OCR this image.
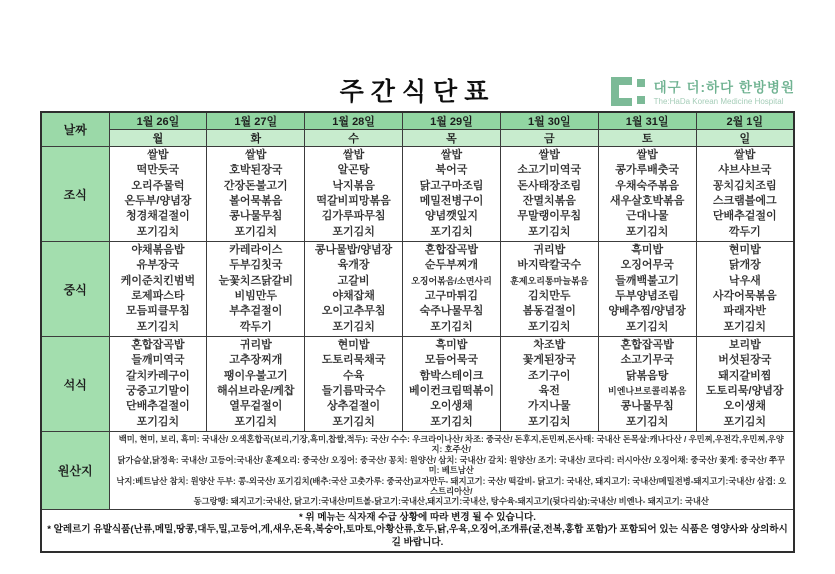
주간식단표	대구 더:하다 한방병원
The:HaDa Korean Medicine Hospital
날짜	1월 26일	1월 27일	1월 28일	1월 29일	1월 30일	1월 31일	2월 1일
	월	화	수	목	금	토	일
조식	
쌀밥
떡만둣국
오리주물럭
온두부/양념장
청경채겉절이
포기김치

쌀밥
호박된장국
간장돈불고기
볼어묵볶음
콩나물무침
포기김치

쌀밥
알곤탕
낙지볶음
떡갈비피망볶음
김가루파무침
포기김치

쌀밥
북어국
닭고구마조림
메밀전병구이
양념깻잎지
포기김치

쌀밥
소고기미역국
돈사태장조림
잔멸치볶음
무말랭이무침
포기김치

쌀밥
콩가루배춧국
우채숙주볶음
새우살호박볶음
근대나물
포기김치

쌀밥
샤브샤브국
꽁치김치조림
스크램블에그
단배추겉절이
깍두기

중식	
야채볶음밥
유부장국
케이준치킨범벅
로제파스타
모듬피클무침
포기김치

카레라이스
두부김칫국
눈꽃치즈닭갈비
비빔만두
부추겉절이
깍두기

콩나물밥/양념장
육개장
고갈비
야채잡채
오이고추무침
포기김치

혼합잡곡밥
순두부찌개
오징어볶음/소면사리
고구마튀김
숙주나물무침
포기김치

귀리밥
바지락칼국수
훈제오리통마늘볶음
김치만두
봄동겉절이
포기김치

흑미밥
오징어무국
들깨백불고기
두부양념조림
양배추찜/양념장
포기김치

현미밥
닭개장
낙우새
사각어묵볶음
파래자반
포기김치

석식	
혼합잡곡밥
들깨미역국
갈치카레구이
궁중고기말이
단배추겉절이
포기김치

귀리밥
고추장찌개
팽이우불고기
해쉬브라운/케찹
열무겉절이
포기김치

현미밥
도토리묵채국
수육
들기름막국수
상추겉절이
포기김치

흑미밥
모듬어묵국
함박스테이크
베이컨크림떡볶이
오이생채
포기김치

차조밥
꽃게된장국
조기구이
육전
가지나물
포기김치

혼합잡곡밥
소고기무국
닭볶음탕
비엔나브로콜리볶음
콩나물무침
포기김치

보리밥
버섯된장국
돼지갈비찜
도토리묵/양념장
오이생채
포기김치

원산지	백미, 현미, 보리, 흑미: 국내산/ 오색혼합곡(보리,기장,흑미,찹쌀,적두): 국산/ 수수: 우크라이나산/ 차조: 중국산/ 돈후지,돈민찌,돈사태: 국내산 돈목살:캐나다산 / 우민찌,우전각,우민찌,우양지: 호주산/
닭가슴살,닭정육: 국내산/ 고등어:국내산/ 훈제오리: 중국산/ 오징어: 중국산/ 꽁치: 원양산/ 삼치: 국내산/ 갈치: 원양산/ 조기: 국내산/ 코다리: 러시아산/ 오징어채: 중국산/ 꽃게: 중국산/ 쭈꾸미: 베트남산
낙지:베트남산 참치: 원양산 두부: 콩-외국산/ 포기김치(배추:국산 고춧가루: 중국산)교자만두- 돼지고기: 국산/ 떡갈비- 닭고기: 국내산, 돼지고기: 국내산/메밀전병-돼지고기:국내산/ 삼겹: 오스트리아산/
동그랑땡: 돼지고기:국내산, 닭고기:국내산/미트볼-닭고기:국내산,돼지고기:국내산, 탕수육-돼지고기(뒷다리살):국내산/ 비엔나- 돼지고기: 국내산						

* 위 메뉴는 식자재 수급 상황에 따라 변경 될 수 있습니다.
* 알레르기 유발식품(난류,메밀,땅콩,대두,밀,고등어,게,새우,돈육,복숭아,토마토,아황산류,호두,닭,우육,오징어,조개류(굴,전복,홍합 포함)가 포함되어 있는 식품은 영양사와 상의하시길 바랍니다.							
